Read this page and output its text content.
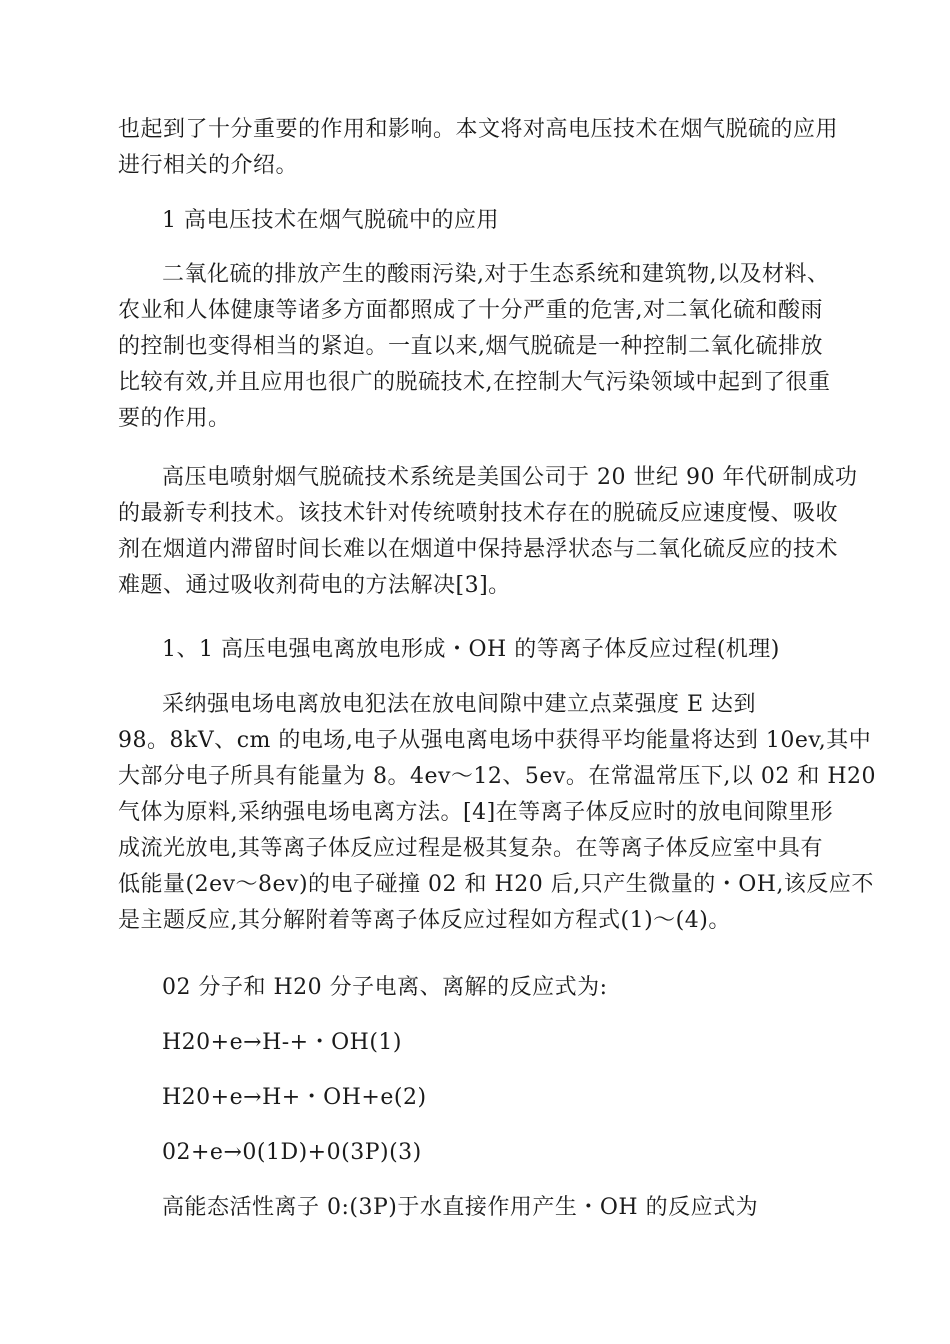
也起到了十分重要的作用和影响。本文将对高电压技术在烟气脱硫的应用
进行相关的介绍。

1 高电压技术在烟气脱硫中的应用

二氧化硫的排放产生的酸雨污染,对于生态系统和建筑物,以及材料、
农业和人体健康等诸多方面都照成了十分严重的危害,对二氧化硫和酸雨
的控制也变得相当的紧迫。一直以来,烟气脱硫是一种控制二氧化硫排放
比较有效,并且应用也很广的脱硫技术,在控制大气污染领域中起到了很重
要的作用。

高压电喷射烟气脱硫技术系统是美国公司于 20 世纪 90 年代研制成功
的最新专利技术。该技术针对传统喷射技术存在的脱硫反应速度慢、吸收
剂在烟道内滞留时间长难以在烟道中保持悬浮状态与二氧化硫反应的技术
难题、通过吸收剂荷电的方法解决[3]。

1、1 高压电强电离放电形成・OH 的等离子体反应过程(机理)

采纳强电场电离放电犯法在放电间隙中建立点菜强度 E 达到
98。8kV、cm 的电场,电子从强电离电场中获得平均能量将达到 10ev,其中
大部分电子所具有能量为 8。4ev～12、5ev。在常温常压下,以 02 和 H20
气体为原料,采纳强电场电离方法。[4]在等离子体反应时的放电间隙里形
成流光放电,其等离子体反应过程是极其复杂。在等离子体反应室中具有
低能量(2ev～8ev)的电子碰撞 02 和 H20 后,只产生微量的・OH,该反应不
是主题反应,其分解附着等离子体反应过程如方程式(1)～(4)。

02 分子和 H20 分子电离、离解的反应式为:

H20+e→H-+・OH(1)

H20+e→H+・OH+e(2)

02+e→0(1D)+0(3P)(3)

高能态活性离子 0:(3P)于水直接作用产生・OH 的反应式为
